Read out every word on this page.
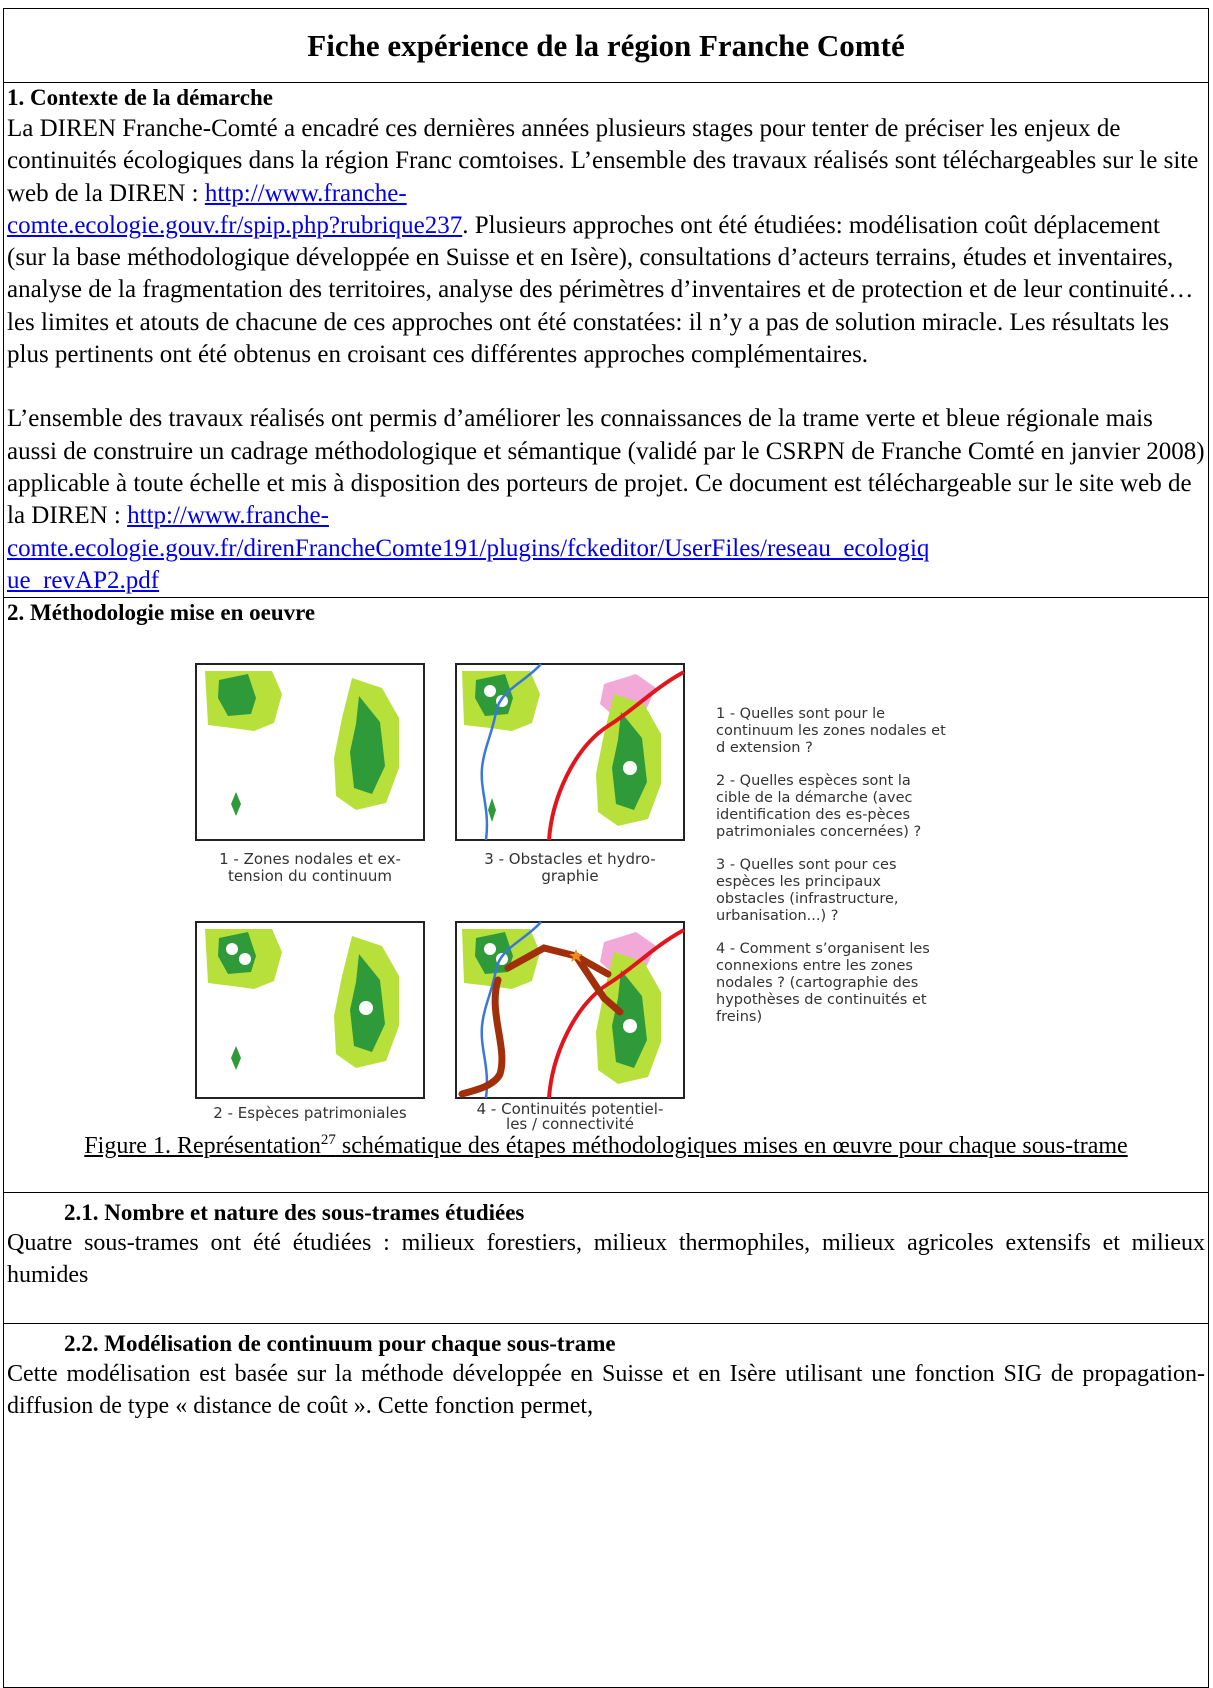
Fiche expérience de la région Franche Comté
1. Contexte de la démarche

La DIREN Franche-Comté a encadré ces dernières années plusieurs stages pour tenter de préciser les enjeux de continuités écologiques dans la région Franc comtoises. L’ensemble des travaux réalisés sont téléchargeables sur le site web de la DIREN : http://www.franche-
comte.ecologie.gouv.fr/spip.php?rubrique237. Plusieurs approches ont été étudiées: modélisation coût déplacement (sur la base méthodologique développée en Suisse et en Isère), consultations d’acteurs terrains, études et inventaires, analyse de la fragmentation des territoires, analyse des périmètres d’inventaires et de protection et de leur continuité… les limites et atouts de chacune de ces approches ont été constatées: il n’y a pas de solution miracle. Les résultats les plus pertinents ont été obtenus en croisant ces différentes approches complémentaires.

L’ensemble des travaux réalisés ont permis d’améliorer les connaissances de la trame verte et bleue régionale mais aussi de construire un cadrage méthodologique et sémantique (validé par le CSRPN de Franche Comté en janvier 2008) applicable à toute échelle et mis à disposition des porteurs de projet. Ce document est téléchargeable sur le site web de la DIREN : http://www.franche-
comte.ecologie.gouv.fr/direnFrancheComte191/plugins/fckeditor/UserFiles/reseau_ecologiq
ue_revAP2.pdf

2. Méthodologie mise en oeuvre
1 - Zones nodales et ex-
tension du continuum
2 - Espèces patrimoniales
3 - Obstacles et hydro-
graphie
4 - Continuités potentiel-
les / connectivité

1 - Quelles sont pour le continuum les zones nodales et d extension ?

2 - Quelles espèces sont la cible de la démarche (avec identification des es-pèces patrimoniales concernées) ?

3 - Quelles sont pour ces espèces les principaux obstacles (infrastructure, urbanisation...) ?

4 - Comment s’organisent les connexions entre les zones nodales ? (cartographie des hypothèses de continuités et freins)

Figure 1. Représentation$^{27}$ schématique des étapes méthodologiques mises en œuvre pour chaque sous-trame

2.1. Nombre et nature des sous-trames étudiées

Quatre sous-trames ont été étudiées : milieux forestiers, milieux thermophiles, milieux agricoles extensifs et milieux humides

2.2. Modélisation de continuum pour chaque sous-trame

Cette modélisation est basée sur la méthode développée en Suisse et en Isère utilisant une fonction SIG de propagation-diffusion de type « distance de coût ». Cette fonction permet,
